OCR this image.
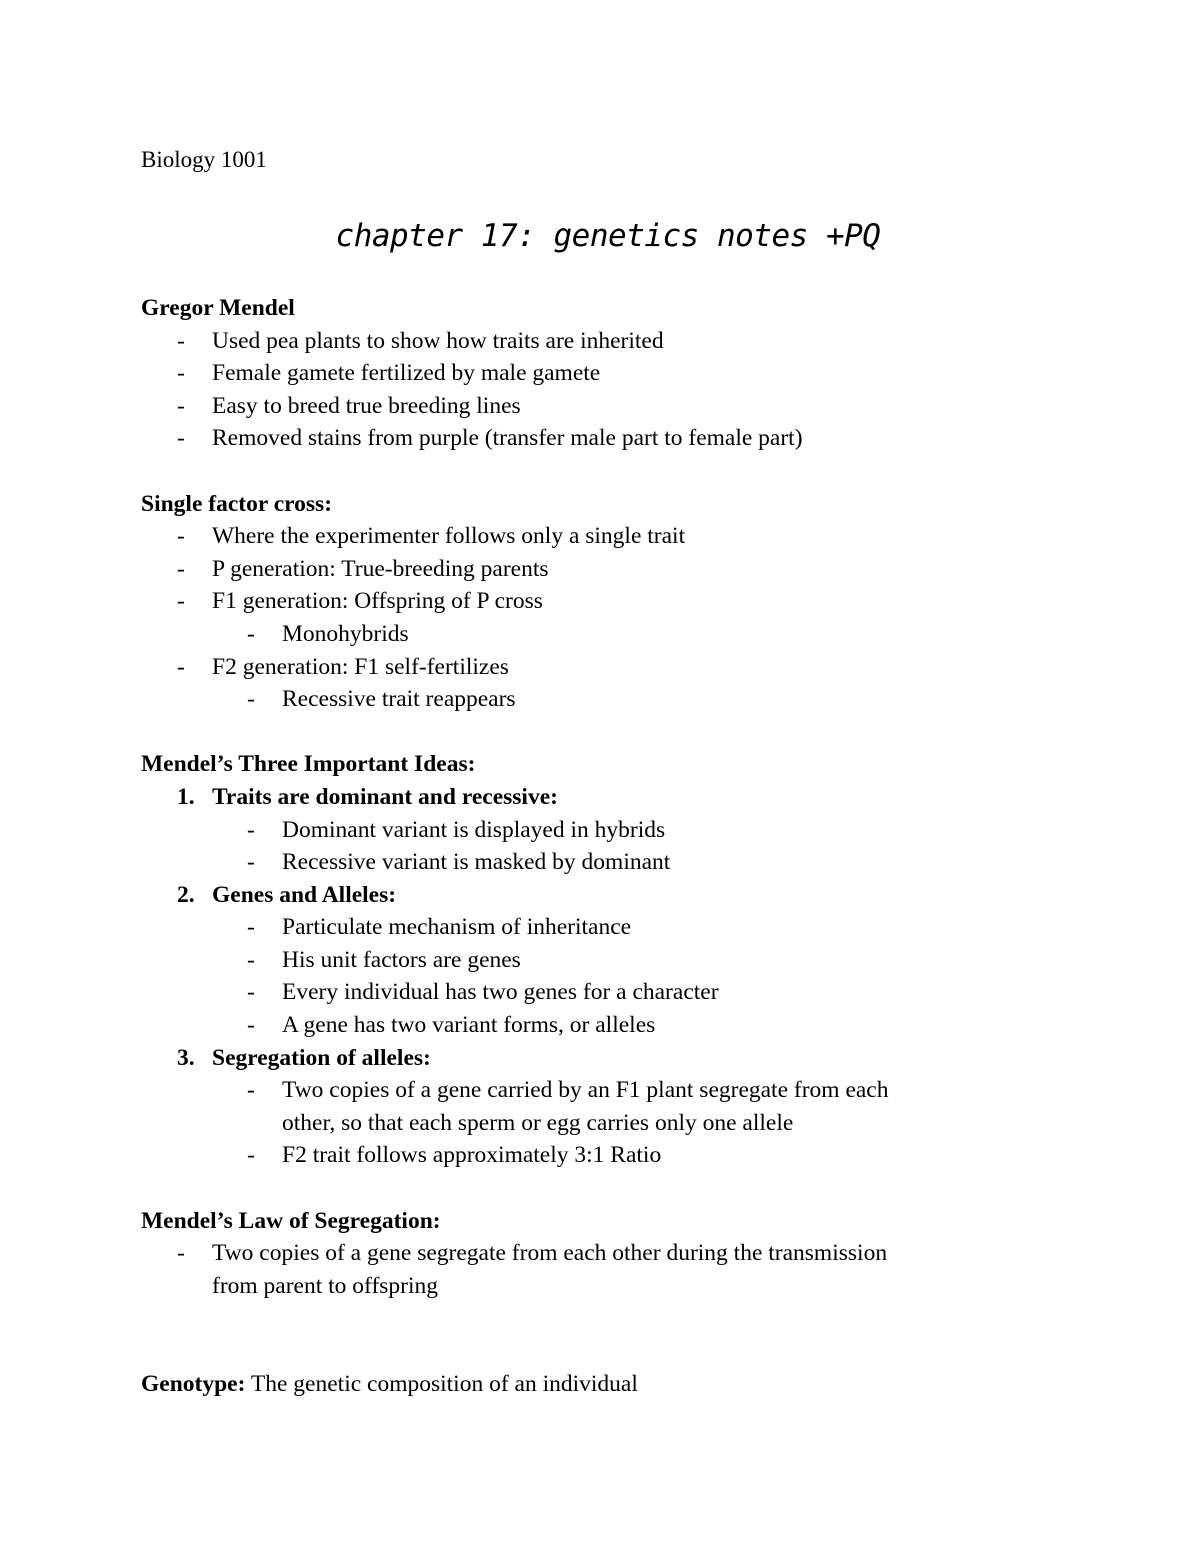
Biology 1001
chapter 17: genetics notes +PQ
Gregor Mendel
- Used pea plants to show how traits are inherited
- Female gamete fertilized by male gamete
- Easy to breed true breeding lines
- Removed stains from purple (transfer male part to female part)
Single factor cross:
- Where the experimenter follows only a single trait
- P generation: True-breeding parents
- F1 generation: Offspring of P cross
- Monohybrids
- F2 generation: F1 self-fertilizes
- Recessive trait reappears
Mendel’s Three Important Ideas:
1. Traits are dominant and recessive:
- Dominant variant is displayed in hybrids
- Recessive variant is masked by dominant
2. Genes and Alleles:
- Particulate mechanism of inheritance
- His unit factors are genes
- Every individual has two genes for a character
- A gene has two variant forms, or alleles
3. Segregation of alleles:
- Two copies of a gene carried by an F1 plant segregate from each
other, so that each sperm or egg carries only one allele
- F2 trait follows approximately 3:1 Ratio
Mendel’s Law of Segregation:
- Two copies of a gene segregate from each other during the transmission
from parent to offspring
Genotype: The genetic composition of an individual
